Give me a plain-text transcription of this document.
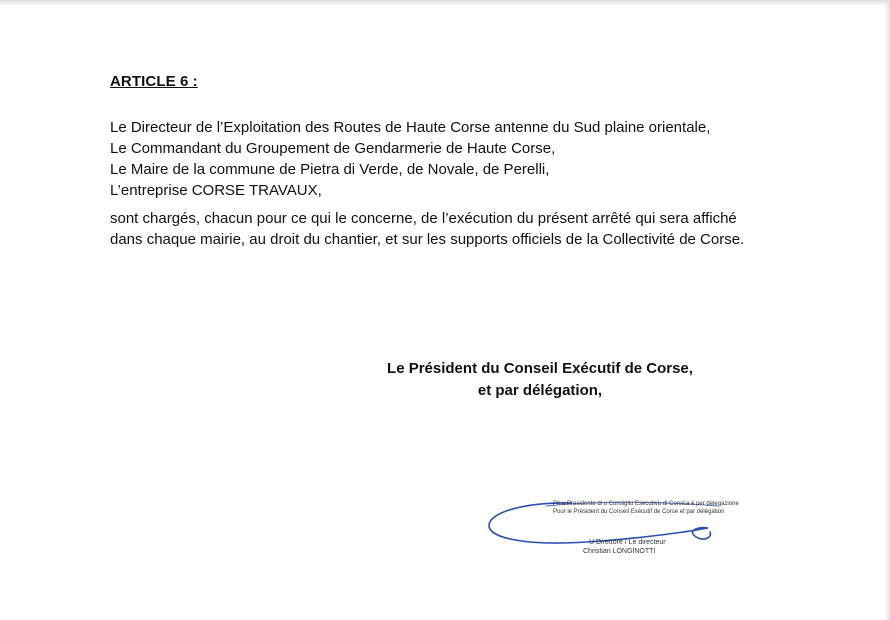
ARTICLE 6 :
Le Directeur de l’Exploitation des Routes de Haute Corse antenne du Sud plaine orientale,
Le Commandant du Groupement de Gendarmerie de Haute Corse,
Le Maire de la commune de Pietra di Verde, de Novale, de Perelli,
L’entreprise CORSE TRAVAUX,
sont chargés, chacun pour ce qui le concerne, de l’exécution du présent arrêté qui sera affiché
dans chaque mairie, au droit du chantier, et sur les supports officiels de la Collectivité de Corse.
Le Président du Conseil Exécutif de Corse,
et par délégation,
Pè u Presidente di u Consigliu Esecutivu di Corsica è per delegazione
Pour le Président du Conseil Exécutif de Corse et par délégation
U Direttore / Le directeur
Christian LONGINOTTI
